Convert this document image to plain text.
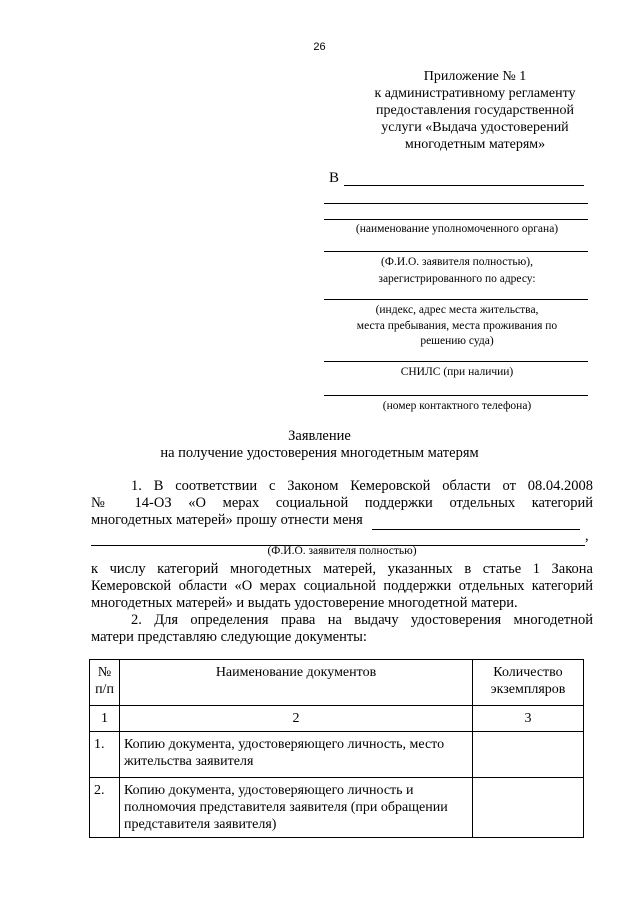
26
Приложение № 1
к административному регламенту
предоставления государственной
услуги «Выдача удостоверений
многодетным матерям»
В
(наименование уполномоченного органа)
(Ф.И.О. заявителя полностью),
зарегистрированного по адресу:
(индекс, адрес места жительства,
места пребывания, места проживания по
решению суда)
СНИЛС (при наличии)
(номер контактного телефона)
Заявление
на получение удостоверения многодетным матерям
1. В соответствии с Законом Кемеровской области от 08.04.2008
№ 14-ОЗ «О мерах социальной поддержки отдельных категорий
многодетных матерей» прошу отнести меня
,
(Ф.И.О. заявителя полностью)
к числу категорий многодетных матерей, указанных в статье 1 Закона
Кемеровской области «О мерах социальной поддержки отдельных категорий
многодетных матерей» и выдать удостоверение многодетной матери.
2. Для определения права на выдачу удостоверения многодетной
матери представляю следующие документы:
№ п/п	Наименование документов	Количество экземпляров
1	2	3
1.	Копию документа, удостоверяющего личность, место жительства заявителя	
2.	Копию документа, удостоверяющего личность и полномочия представителя заявителя (при обращении представителя заявителя)	
